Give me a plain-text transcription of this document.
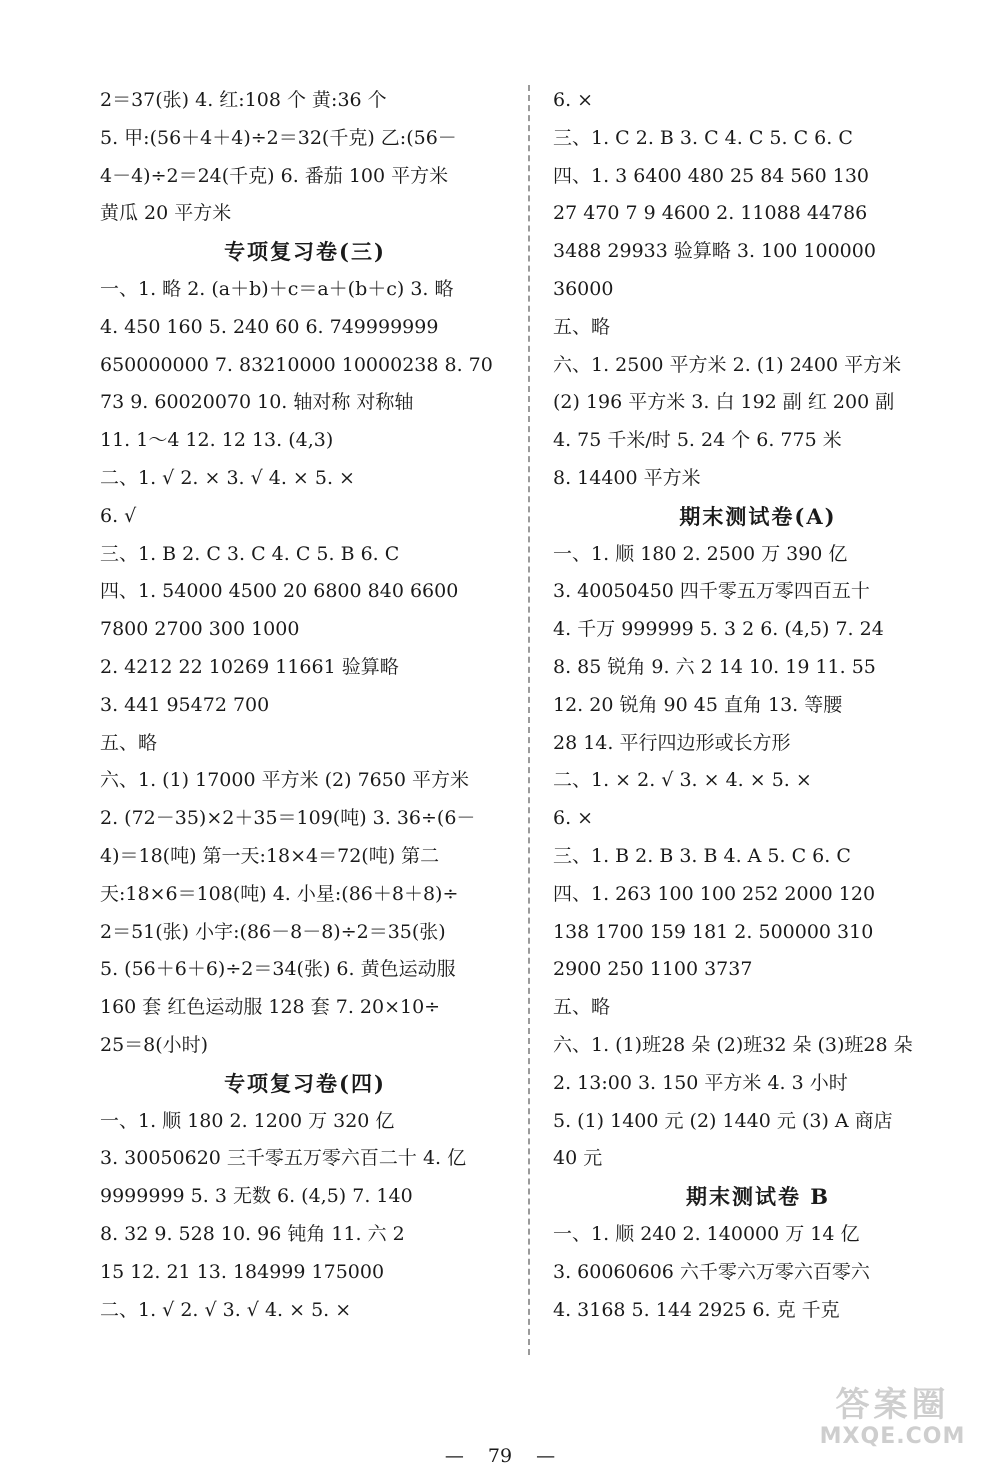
2＝37(张) 4. 红:108 个 黄:36 个
5. 甲:(56＋4＋4)÷2＝32(千克) 乙:(56－
4－4)÷2＝24(千克) 6. 番茄 100 平方米
黄瓜 20 平方米
专项复习卷(三)
一、1. 略 2. (a＋b)＋c＝a＋(b＋c) 3. 略
4. 450 160 5. 240 60 6. 749999999
650000000 7. 83210000 10000238 8. 70
73 9. 60020070 10. 轴对称 对称轴
11. 1～4 12. 12 13. (4,3)
二、1. √ 2. × 3. √ 4. × 5. ×
6. √
三、1. B 2. C 3. C 4. C 5. B 6. C
四、1. 54000 4500 20 6800 840 6600
7800 2700 300 1000
2. 4212 22 10269 11661 验算略
3. 441 95472 700
五、略
六、1. (1) 17000 平方米 (2) 7650 平方米
2. (72－35)×2＋35＝109(吨) 3. 36÷(6－
4)＝18(吨) 第一天:18×4＝72(吨) 第二
天:18×6＝108(吨) 4. 小星:(86＋8＋8)÷
2＝51(张) 小宇:(86－8－8)÷2＝35(张)
5. (56＋6＋6)÷2＝34(张) 6. 黄色运动服
160 套 红色运动服 128 套 7. 20×10÷
25＝8(小时)
专项复习卷(四)
一、1. 顺 180 2. 1200 万 320 亿
3. 30050620 三千零五万零六百二十 4. 亿
9999999 5. 3 无数 6. (4,5) 7. 140
8. 32 9. 528 10. 96 钝角 11. 六 2
15 12. 21 13. 184999 175000
二、1. √ 2. √ 3. √ 4. × 5. ×
6. ×
三、1. C 2. B 3. C 4. C 5. C 6. C
四、1. 3 6400 480 25 84 560 130
27 470 7 9 4600 2. 11088 44786
3488 29933 验算略 3. 100 100000
36000
五、略
六、1. 2500 平方米 2. (1) 2400 平方米
(2) 196 平方米 3. 白 192 副 红 200 副
4. 75 千米/时 5. 24 个 6. 775 米
8. 14400 平方米
期末测试卷(A)
一、1. 顺 180 2. 2500 万 390 亿
3. 40050450 四千零五万零四百五十
4. 千万 999999 5. 3 2 6. (4,5) 7. 24
8. 85 锐角 9. 六 2 14 10. 19 11. 55
12. 20 锐角 90 45 直角 13. 等腰
28 14. 平行四边形或长方形
二、1. × 2. √ 3. × 4. × 5. ×
6. ×
三、1. B 2. B 3. B 4. A 5. C 6. C
四、1. 263 100 100 252 2000 120
138 1700 159 181 2. 500000 310
2900 250 1100 3737
五、略
六、1. (1)班28 朵 (2)班32 朵 (3)班28 朵
2. 13:00 3. 150 平方米 4. 3 小时
5. (1) 1400 元 (2) 1440 元 (3) A 商店
40 元
期末测试卷 B
一、1. 顺 240 2. 140000 万 14 亿
3. 60060606 六千零六万零六百零六
4. 3168 5. 144 2925 6. 克 千克
— 79 —
答案圈
MXQE.COM
